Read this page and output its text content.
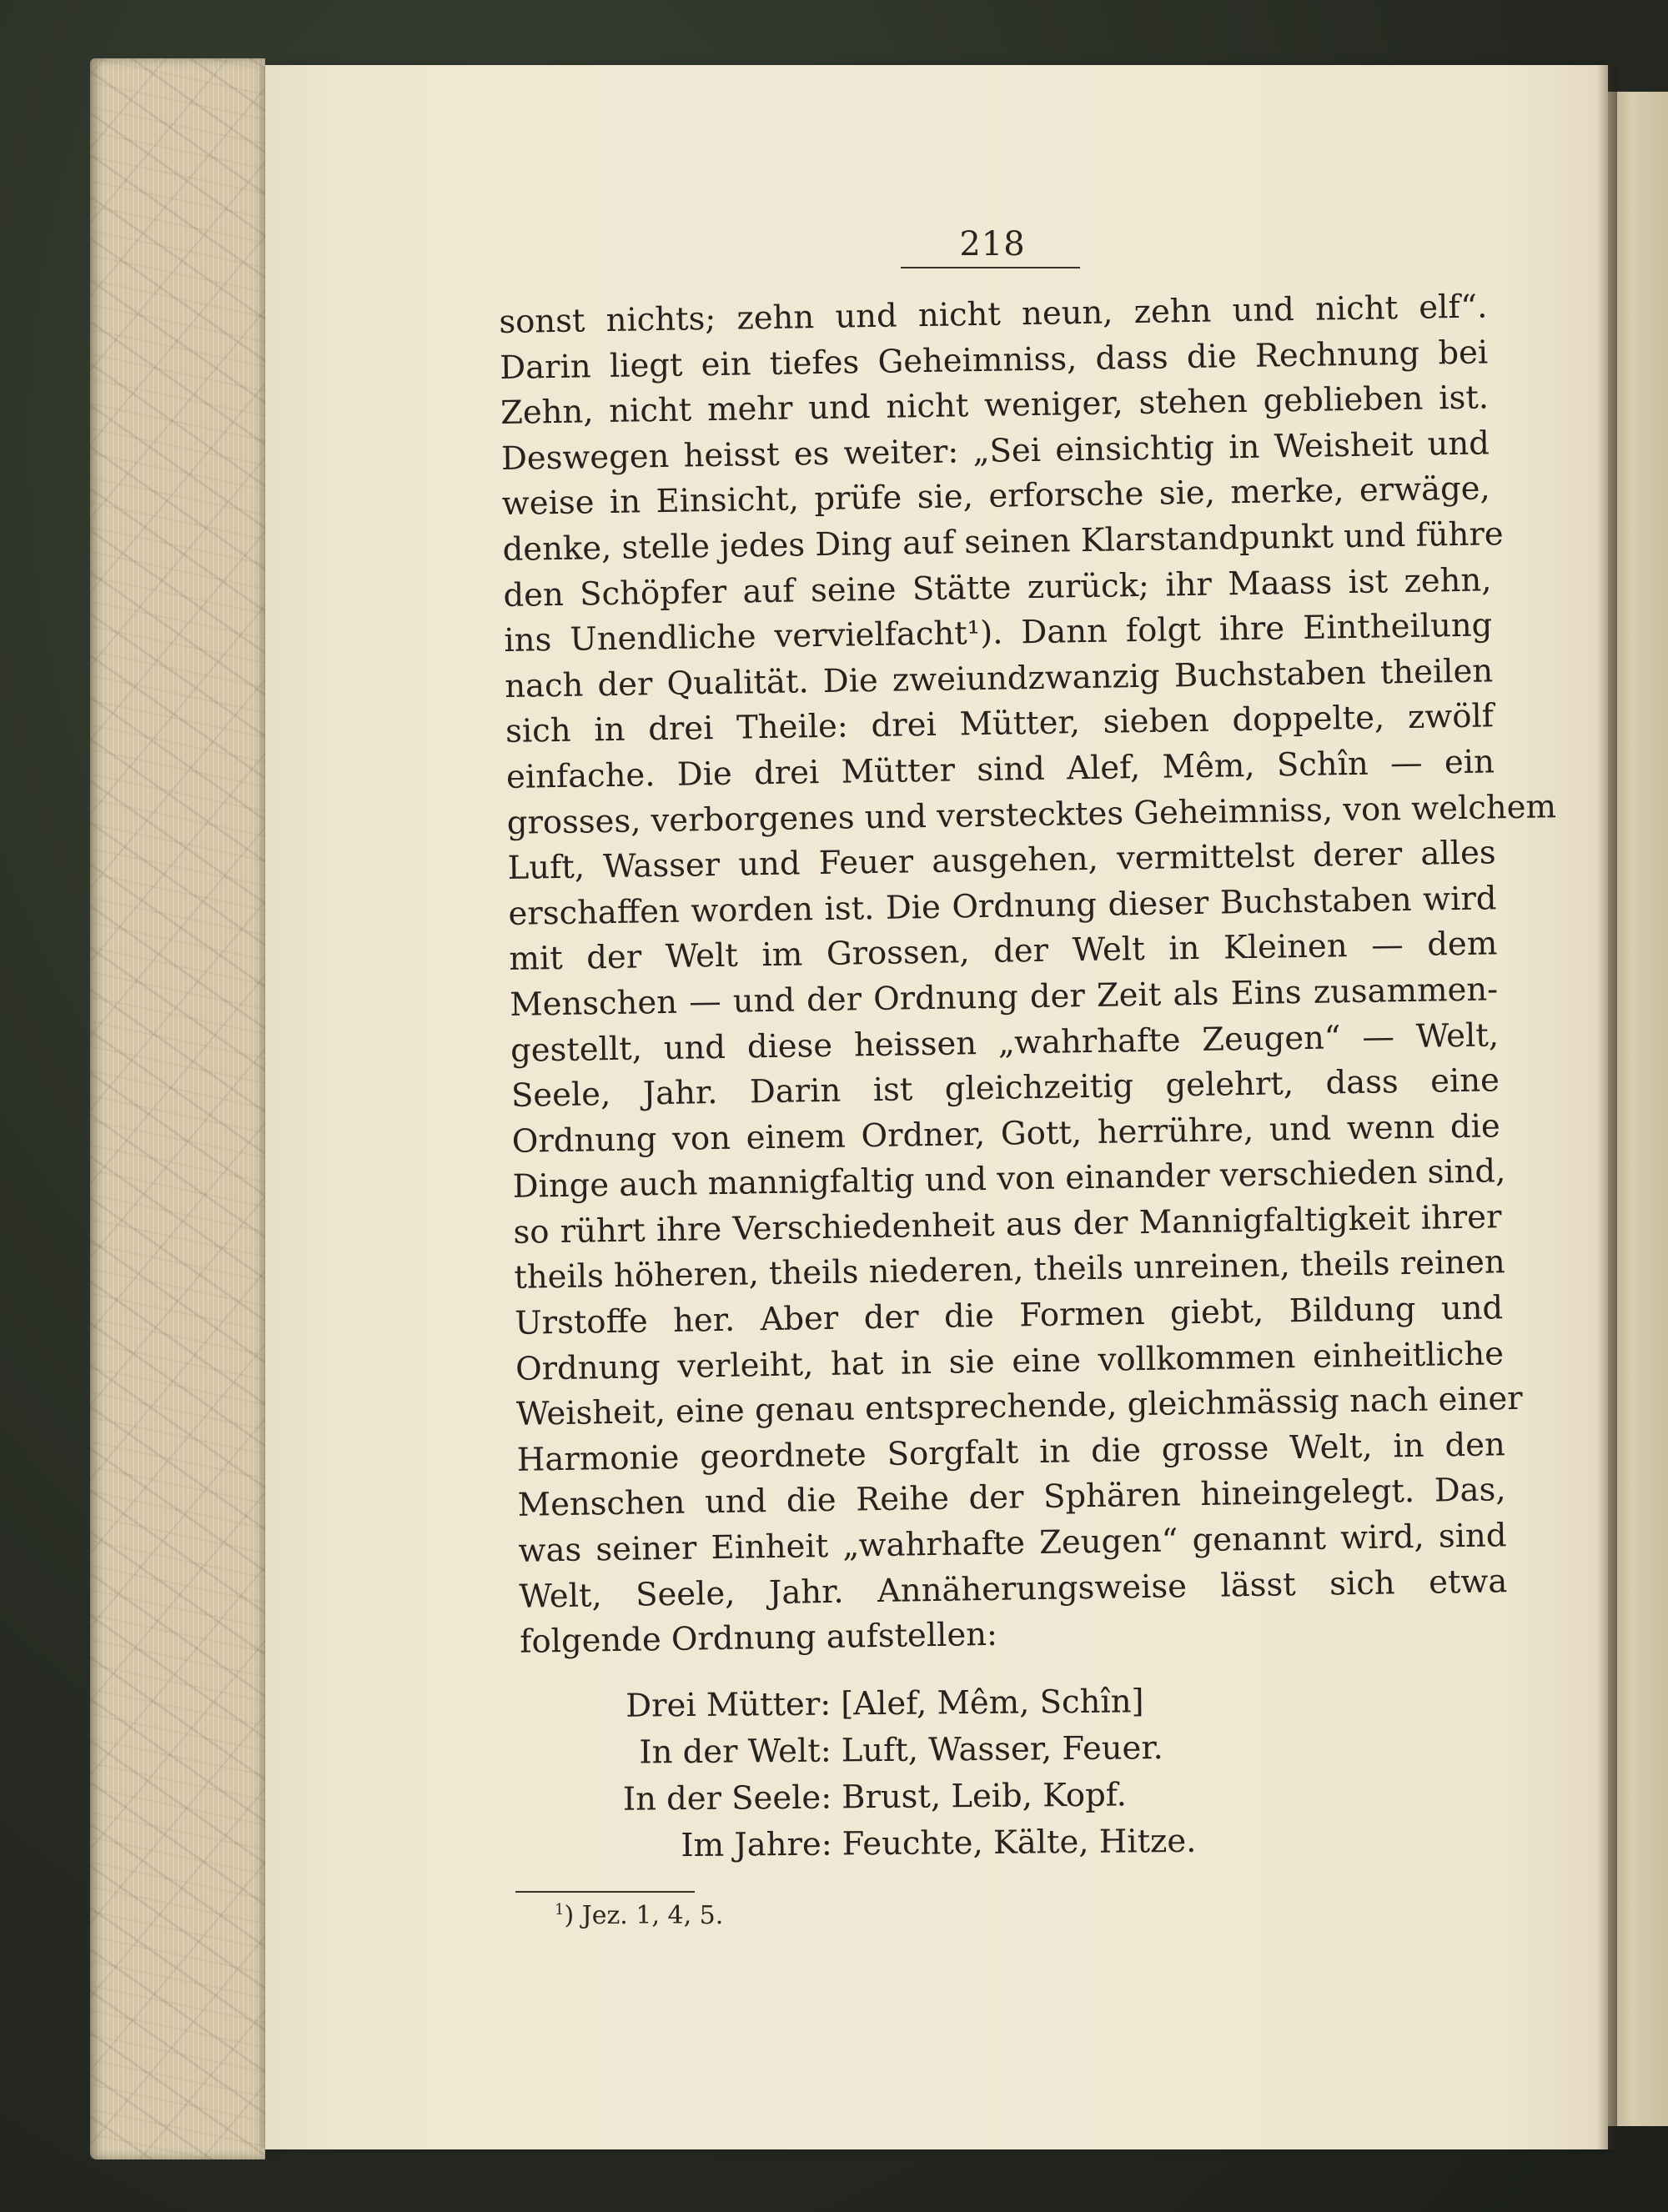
218
sonst nichts; zehn und nicht neun, zehn und nicht elf“.
Darin liegt ein tiefes Geheimniss, dass die Rechnung bei
Zehn, nicht mehr und nicht weniger, stehen geblieben ist.
Deswegen heisst es weiter: „Sei einsichtig in Weisheit und
weise in Einsicht, prüfe sie, erforsche sie, merke, erwäge,
denke, stelle jedes Ding auf seinen Klarstandpunkt und führe
den Schöpfer auf seine Stätte zurück; ihr Maass ist zehn,
ins Unendliche vervielfacht¹). Dann folgt ihre Eintheilung
nach der Qualität. Die zweiundzwanzig Buchstaben theilen
sich in drei Theile: drei Mütter, sieben doppelte, zwölf
einfache. Die drei Mütter sind Alef, Mêm, Schîn — ein
grosses, verborgenes und verstecktes Geheimniss, von welchem
Luft, Wasser und Feuer ausgehen, vermittelst derer alles
erschaffen worden ist. Die Ordnung dieser Buchstaben wird
mit der Welt im Grossen, der Welt in Kleinen — dem
Menschen — und der Ordnung der Zeit als Eins zusammen-
gestellt, und diese heissen „wahrhafte Zeugen“ — Welt,
Seele, Jahr. Darin ist gleichzeitig gelehrt, dass eine
Ordnung von einem Ordner, Gott, herrühre, und wenn die
Dinge auch mannigfaltig und von einander verschieden sind,
so rührt ihre Verschiedenheit aus der Mannigfaltigkeit ihrer
theils höheren, theils niederen, theils unreinen, theils reinen
Urstoffe her. Aber der die Formen giebt, Bildung und
Ordnung verleiht, hat in sie eine vollkommen einheitliche
Weisheit, eine genau entsprechende, gleichmässig nach einer
Harmonie geordnete Sorgfalt in die grosse Welt, in den
Menschen und die Reihe der Sphären hineingelegt. Das,
was seiner Einheit „wahrhafte Zeugen“ genannt wird, sind
Welt, Seele, Jahr. Annäherungsweise lässt sich etwa
folgende Ordnung aufstellen:
Drei Mütter: [Alef, Mêm, Schîn]
In der Welt: Luft, Wasser, Feuer.
In der Seele: Brust, Leib, Kopf.
Im Jahre: Feuchte, Kälte, Hitze.
$^1$) Jez. 1, 4, 5.
